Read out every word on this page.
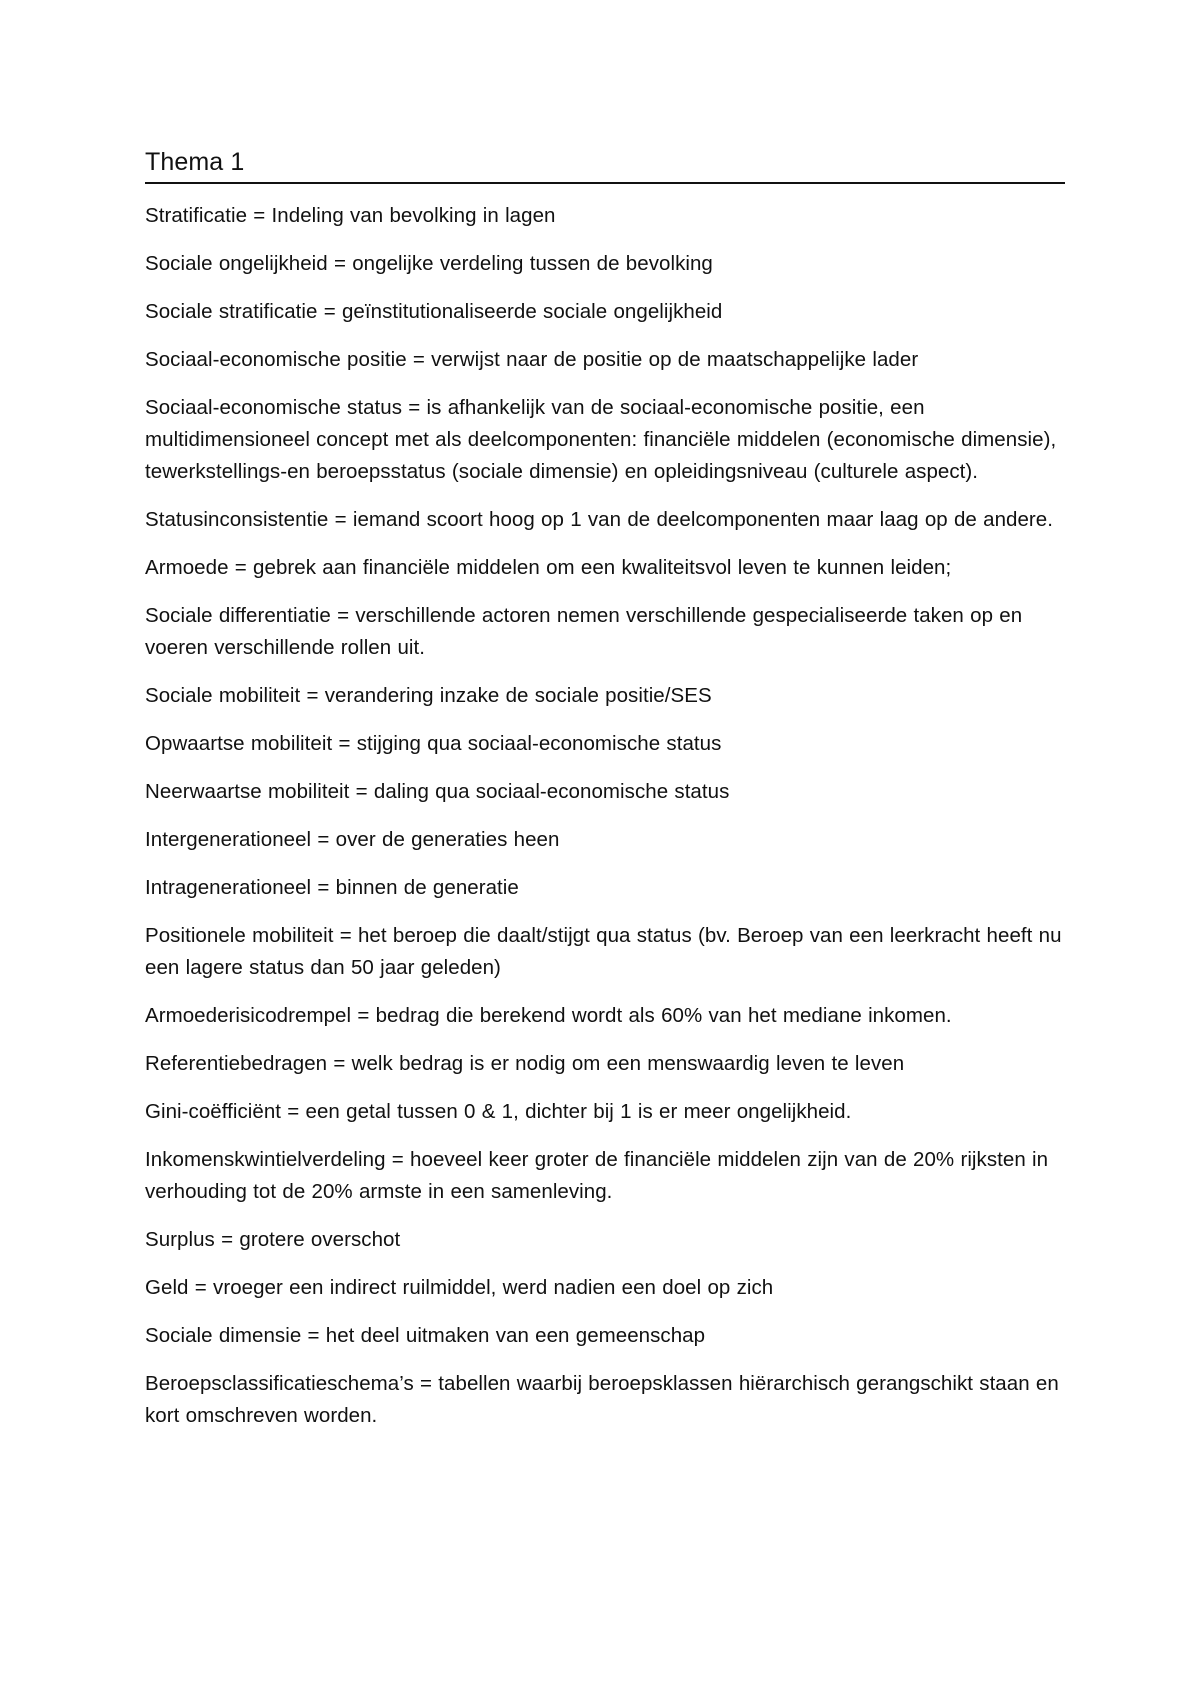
Thema 1
Stratificatie = Indeling van bevolking in lagen
Sociale ongelijkheid = ongelijke verdeling tussen de bevolking
Sociale stratificatie = geïnstitutionaliseerde sociale ongelijkheid
Sociaal-economische positie = verwijst naar de positie op de maatschappelijke lader
Sociaal-economische status = is afhankelijk van de sociaal-economische positie, een multidimensioneel concept met als deelcomponenten: financiële middelen (economische dimensie), tewerkstellings-en beroepsstatus (sociale dimensie) en opleidingsniveau (culturele aspect).
Statusinconsistentie = iemand scoort hoog op 1 van de deelcomponenten maar laag op de andere.
Armoede = gebrek aan financiële middelen om een kwaliteitsvol leven te kunnen leiden;
Sociale differentiatie = verschillende actoren nemen verschillende gespecialiseerde taken op en voeren verschillende rollen uit.
Sociale mobiliteit = verandering inzake de sociale positie/SES
Opwaartse mobiliteit = stijging qua sociaal-economische status
Neerwaartse mobiliteit = daling qua sociaal-economische status
Intergenerationeel = over de generaties heen
Intragenerationeel = binnen de generatie
Positionele mobiliteit = het beroep die daalt/stijgt qua status (bv. Beroep van een leerkracht heeft nu een lagere status dan 50 jaar geleden)
Armoederisicodrempel = bedrag die berekend wordt als 60% van het mediane inkomen.
Referentiebedragen = welk bedrag is er nodig om een menswaardig leven te leven
Gini-coëfficiënt = een getal tussen 0 & 1, dichter bij 1 is er meer ongelijkheid.
Inkomenskwintielverdeling = hoeveel keer groter de financiële middelen zijn van de 20% rijksten in verhouding tot de 20% armste in een samenleving.
Surplus = grotere overschot
Geld = vroeger een indirect ruilmiddel, werd nadien een doel op zich
Sociale dimensie = het deel uitmaken van een gemeenschap
Beroepsclassificatieschema’s = tabellen waarbij beroepsklassen hiërarchisch gerangschikt staan en kort omschreven worden.
